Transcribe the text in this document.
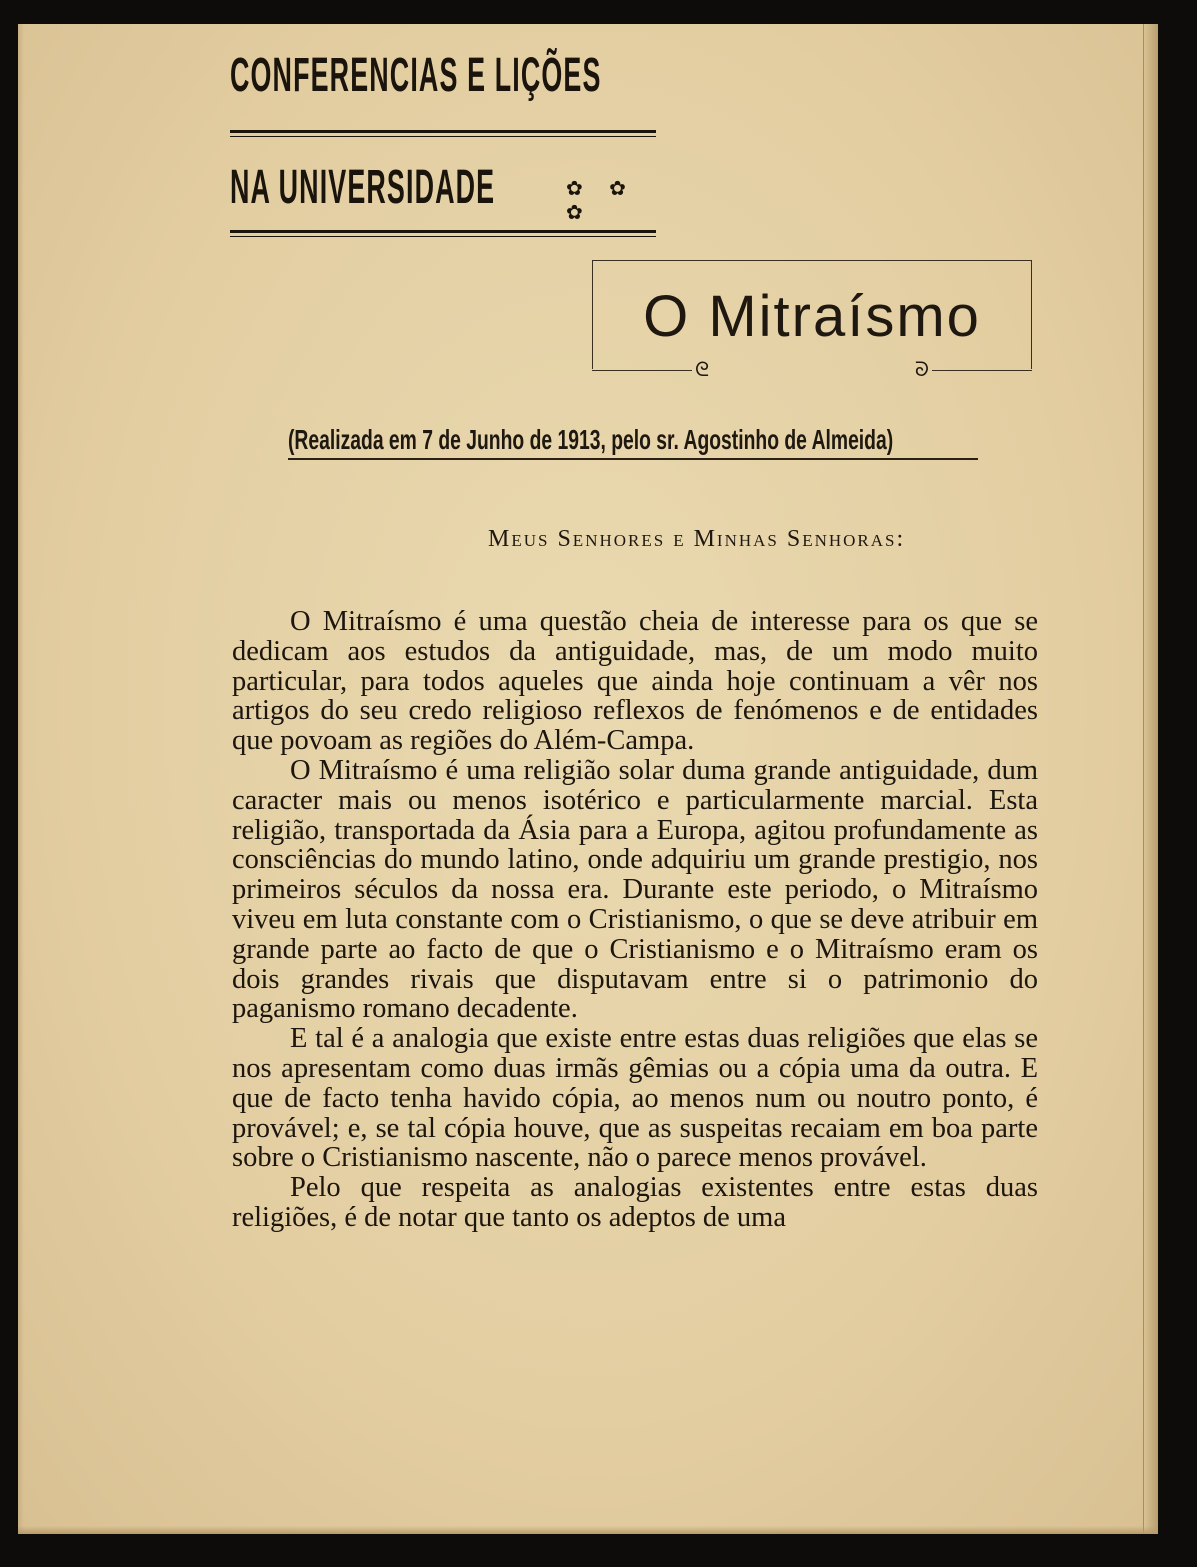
CONFERENCIAS E LIÇÕES
NA UNIVERSIDADE	✿ ✿ ✿
O Mitraísmo
ᘓ	ᘐ
(Realizada em 7 de Junho de 1913, pelo sr. Agostinho de Almeida)
Meus Senhores e Minhas Senhoras:

O Mitraísmo é uma questão cheia de interesse para os que se dedicam aos estudos da antiguidade, mas, de um modo muito particular, para todos aqueles que ainda hoje continuam a vêr nos artigos do seu credo religioso reflexos de fenómenos e de entidades que povoam as regiões do Além-Campa.

O Mitraísmo é uma religião solar duma grande antiguidade, dum caracter mais ou menos isotérico e particularmente marcial. Esta religião, transportada da Ásia para a Europa, agitou profundamente as consciências do mundo latino, onde adquiriu um grande prestigio, nos primeiros séculos da nossa era. Durante este periodo, o Mitraísmo viveu em luta constante com o Cristianismo, o que se deve atribuir em grande parte ao facto de que o Cristianismo e o Mitraísmo eram os dois grandes rivais que disputavam entre si o patrimonio do paganismo romano decadente.

E tal é a analogia que existe entre estas duas religiões que elas se nos apresentam como duas irmãs gêmias ou a cópia uma da outra. E que de facto tenha havido cópia, ao menos num ou noutro ponto, é provável; e, se tal cópia houve, que as suspeitas recaiam em boa parte sobre o Cristianismo nascente, não o parece menos provável.

Pelo que respeita as analogias existentes entre estas duas religiões, é de notar que tanto os adeptos de uma
